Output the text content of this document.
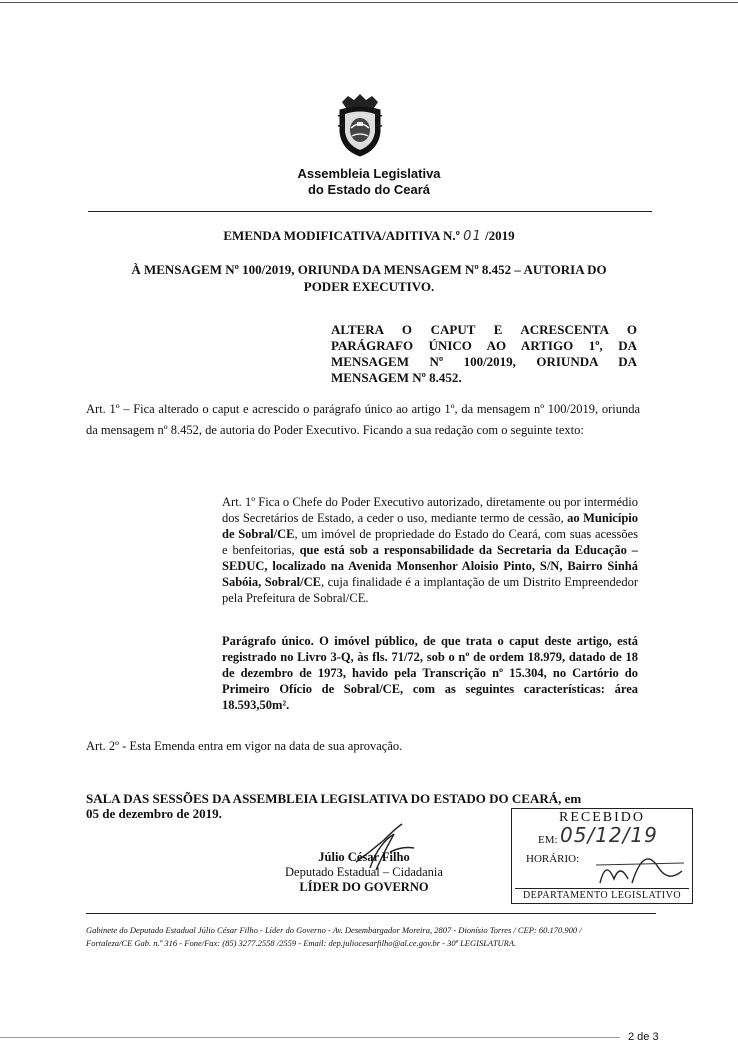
Assembleia Legislativa
do Estado do Ceará
EMENDA MODIFICATIVA/ADITIVA N.º 01 /2019
À MENSAGEM Nº 100/2019, ORIUNDA DA MENSAGEM Nº 8.452 – AUTORIA DO
PODER EXECUTIVO.
ALTERA O CAPUT E ACRESCENTA O
PARÁGRAFO ÚNICO AO ARTIGO 1º, DA
MENSAGEM Nº 100/2019, ORIUNDA DA
MENSAGEM Nº 8.452.
Art. 1º – Fica alterado o caput e acrescido o parágrafo único ao artigo 1º, da mensagem nº 100/2019, oriunda da mensagem nº 8.452, de autoria do Poder Executivo. Ficando a sua redação com o seguinte texto:
Art. 1º Fica o Chefe do Poder Executivo autorizado, diretamente ou por intermédio dos Secretários de Estado, a ceder o uso, mediante termo de cessão, ao Município de Sobral/CE, um imóvel de propriedade do Estado do Ceará, com suas acessões e benfeitorias, que está sob a responsabilidade da Secretaria da Educação – SEDUC, localizado na Avenida Monsenhor Aloisio Pinto, S/N, Bairro Sinhá Sabóia, Sobral/CE, cuja finalidade é a implantação de um Distrito Empreendedor pela Prefeitura de Sobral/CE.
Parágrafo único. O imóvel público, de que trata o caput deste artigo, está registrado no Livro 3-Q, às fls. 71/72, sob o nº de ordem 18.979, datado de 18 de dezembro de 1973, havido pela Transcrição nº 15.304, no Cartório do Primeiro Ofício de Sobral/CE, com as seguintes características: área 18.593,50m².
Art. 2º - Esta Emenda entra em vigor na data de sua aprovação.
SALA DAS SESSÕES DA ASSEMBLEIA LEGISLATIVA DO ESTADO DO CEARÁ, em
05 de dezembro de 2019.	RECEBIDO
EM: 05/12/19
HORÁRIO:
DEPARTAMENTO LEGISLATIVO
Júlio César Filho
Deputado Estadual – Cidadania
LÍDER DO GOVERNO
Gabinete do Deputado Estadual Júlio César Filho - Líder do Governo - Av. Desembargador Moreira, 2807 - Dionísio Torres / CEP: 60.170.900 /
Fortaleza/CE Gab. n.º 316 - Fone/Fax: (85) 3277.2558 /2559 - Email: dep.juliocesarfilho@al.ce.gov.br - 30ª LEGISLATURA.
2 de 3
